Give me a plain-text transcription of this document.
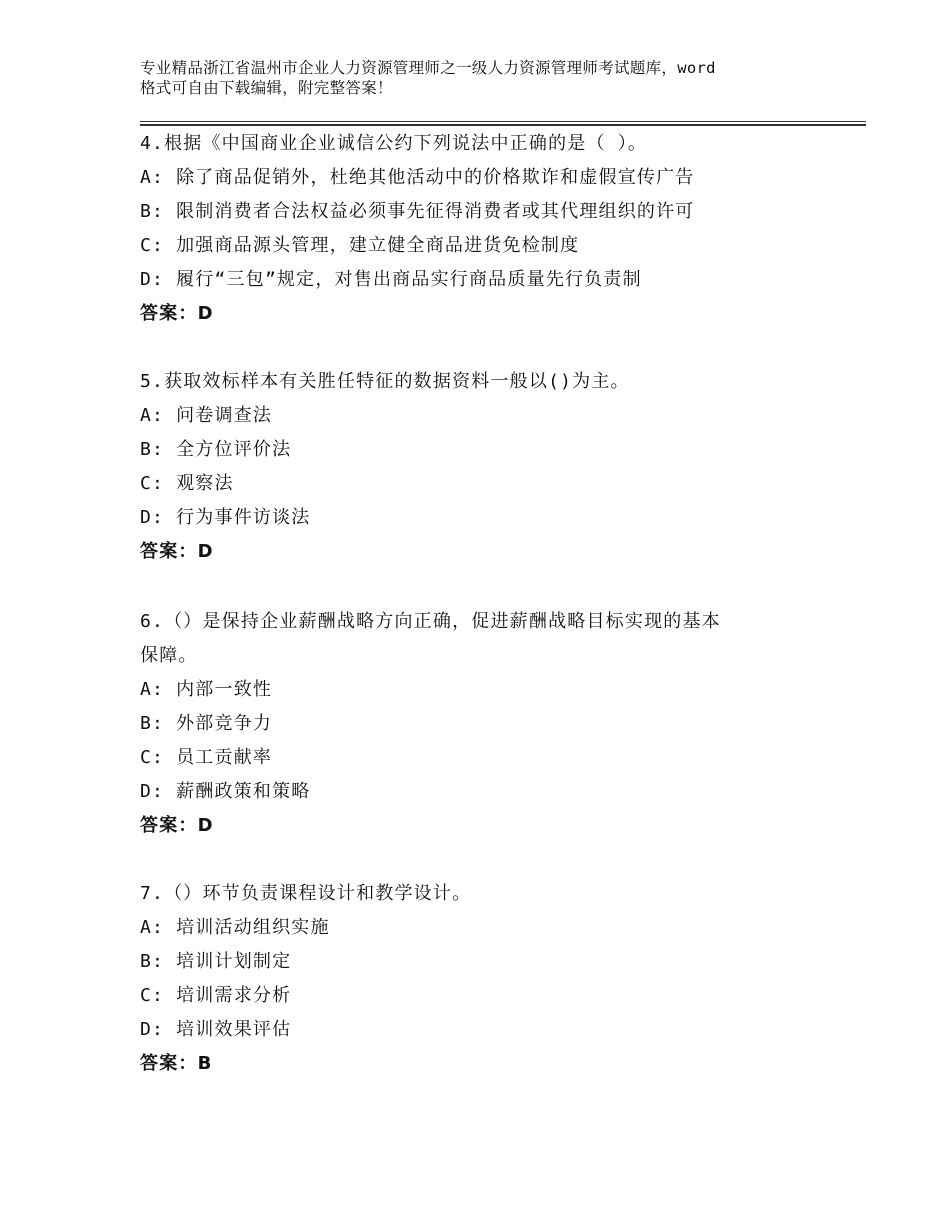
专业精品浙江省温州市企业人力资源管理师之一级人力资源管理师考试题库，word
格式可自由下载编辑，附完整答案！
4.根据《中国商业企业诚信公约下列说法中正确的是（ ）。
A: 除了商品促销外，杜绝其他活动中的价格欺诈和虚假宣传广告
B: 限制消费者合法权益必须事先征得消费者或其代理组织的许可
C: 加强商品源头管理，建立健全商品进货免检制度
D: 履行“三包”规定，对售出商品实行商品质量先行负责制
答案：D
5.获取效标样本有关胜任特征的数据资料一般以()为主。
A: 问卷调查法
B: 全方位评价法
C: 观察法
D: 行为事件访谈法
答案：D
6.（）是保持企业薪酬战略方向正确，促进薪酬战略目标实现的基本
保障。
A: 内部一致性
B: 外部竞争力
C: 员工贡献率
D: 薪酬政策和策略
答案：D
7.（）环节负责课程设计和教学设计。
A: 培训活动组织实施
B: 培训计划制定
C: 培训需求分析
D: 培训效果评估
答案：B
